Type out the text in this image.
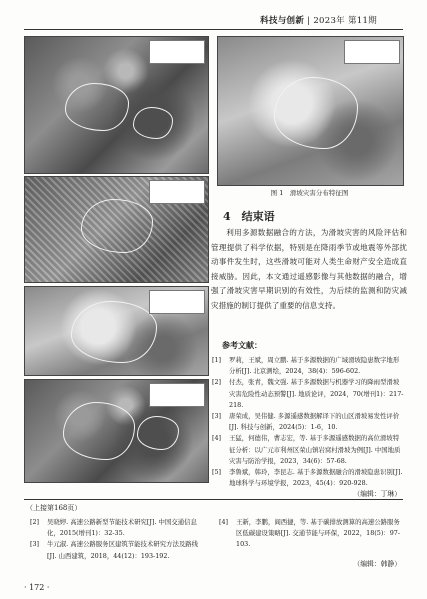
科技与创新 | 2023年 第11期
图 1　滑坡灾害分布特征图
4　结束语
利用多源数据融合的方法，为滑坡灾害的风险评估和管理提供了科学依据，特别是在降雨季节或地震等外部扰动事件发生时，这些滑坡可能对人类生命财产安全造成直接威胁。因此，本文通过遥感影像与其他数据的融合，增强了滑坡灾害早期识别的有效性，为后续的监测和防灾减灾措施的制订提供了重要的信息支持。
参考文献：
[1]	罗莉，王斌，周立鹏. 基于多源数据的广域滑坡隐患数字地形分析[J]. 北京测绘，2024，38(4)：596-602.
[2]	付杰，张青，魏文强. 基于多源数据与机器学习的降雨型滑坡灾害危险性动态预警[J]. 地质论评，2024，70(增刊1)：217-218.
[3]	唐荣成，吴伟健. 多源遥感数据解译下的山区滑坡易发性评价[J]. 科技与创新，2024(5)：1-6，10.
[4]	王猛，何德伟，曹志宏，等. 基于多源遥感数据的高位滑坡特征分析：以广元市利州区荣山镇岩窝村滑坡为例[J]. 中国地质灾害与防治学报，2023，34(6)：57-68.
[5]	李鲁斌，韩玲，李昆志. 基于多源数据融合的滑坡隐患识别[J]. 地球科学与环境学报，2023，45(4)：920-928.
（编辑：丁琳）
（上接第168页）
[2]	吴晓婷. 高速公路新型节能技术研究[J]. 中国交通信息化，2015(增刊1)：32-35.
[3]	牛元淑. 高速公路服务区建筑节能技术研究方法及路线[J]. 山西建筑，2018，44(12)：193-192.
[4]	王新，李鹏，阎西捷，等. 基于碳排放测算的高速公路服务区低碳建设策略[J]. 交通节能与环保，2022，18(5)：97-103.
（编辑：韩静）
· 172 ·
